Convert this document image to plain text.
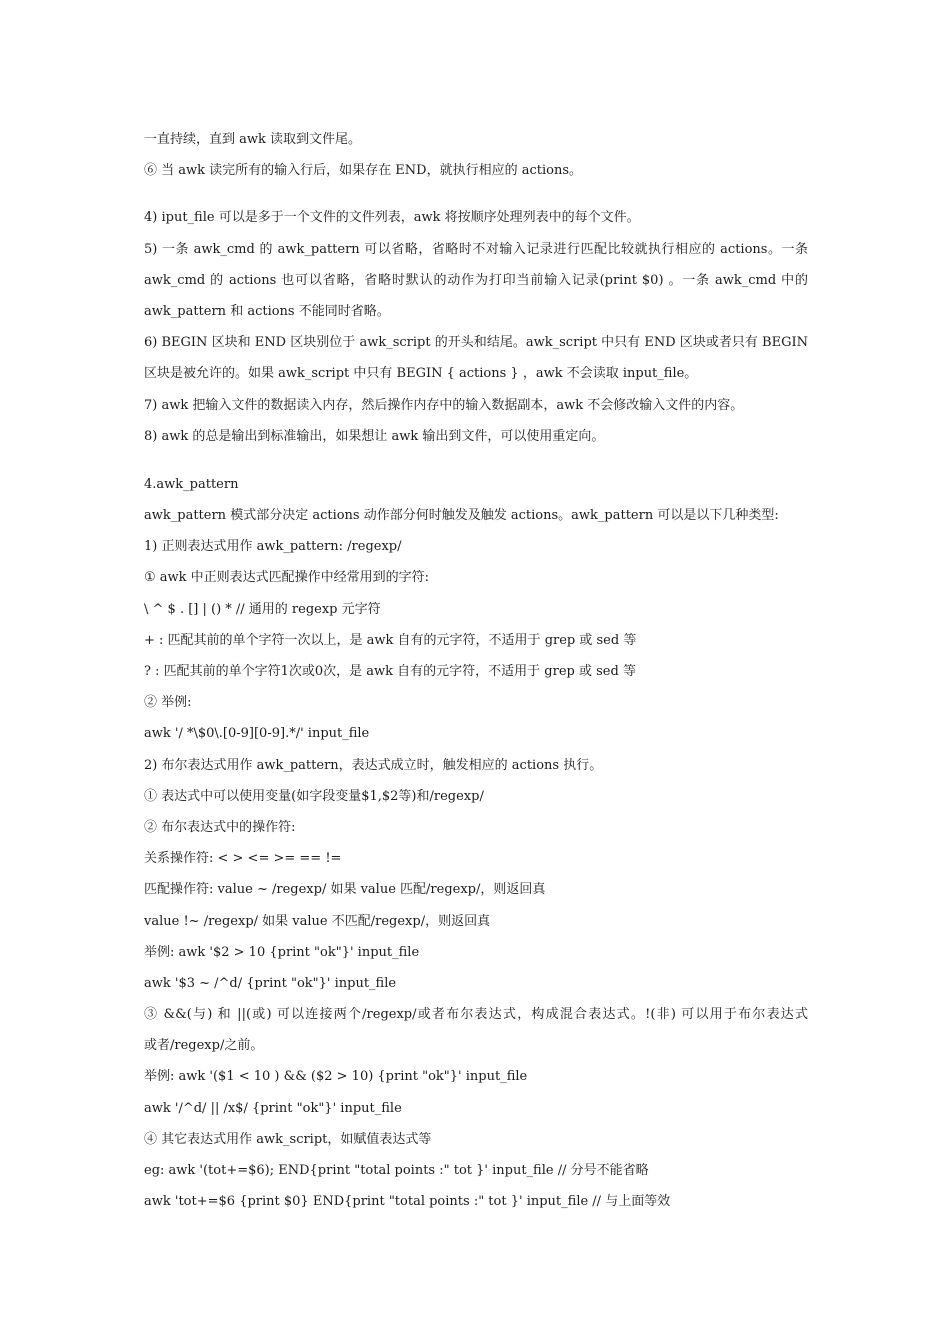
一直持续，直到 awk 读取到文件尾。
⑥ 当 awk 读完所有的输入行后，如果存在 END，就执行相应的 actions。
4) iput_file 可以是多于一个文件的文件列表，awk 将按顺序处理列表中的每个文件。
5) 一条 awk_cmd 的 awk_pattern 可以省略，省略时不对输入记录进行匹配比较就执行相应的 actions。一条
awk_cmd 的 actions 也可以省略，省略时默认的动作为打印当前输入记录(print $0) 。一条 awk_cmd 中的
awk_pattern 和 actions 不能同时省略。
6) BEGIN 区块和 END 区块别位于 awk_script 的开头和结尾。awk_script 中只有 END 区块或者只有 BEGIN
区块是被允许的。如果 awk_script 中只有 BEGIN { actions } ，awk 不会读取 input_file。
7) awk 把输入文件的数据读入内存，然后操作内存中的输入数据副本，awk 不会修改输入文件的内容。
8) awk 的总是输出到标准输出，如果想让 awk 输出到文件，可以使用重定向。
4.awk_pattern
awk_pattern 模式部分决定 actions 动作部分何时触发及触发 actions。awk_pattern 可以是以下几种类型:
1) 正则表达式用作 awk_pattern: /regexp/
① awk 中正则表达式匹配操作中经常用到的字符:
\ ^ $ . [] | () * // 通用的 regexp 元字符
+ : 匹配其前的单个字符一次以上，是 awk 自有的元字符，不适用于 grep 或 sed 等
? : 匹配其前的单个字符1次或0次，是 awk 自有的元字符，不适用于 grep 或 sed 等
② 举例:
awk '/ *\$0\.[0-9][0-9].*/' input_file
2) 布尔表达式用作 awk_pattern，表达式成立时，触发相应的 actions 执行。
① 表达式中可以使用变量(如字段变量$1,$2等)和/regexp/
② 布尔表达式中的操作符:
关系操作符: < > <= >= == !=
匹配操作符: value ~ /regexp/ 如果 value 匹配/regexp/，则返回真
value !~ /regexp/ 如果 value 不匹配/regexp/，则返回真
举例: awk '$2 > 10 {print "ok"}' input_file
awk '$3 ~ /^d/ {print "ok"}' input_file
③ &&(与) 和 ||(或) 可以连接两个/regexp/或者布尔表达式，构成混合表达式。!(非) 可以用于布尔表达式
或者/regexp/之前。
举例: awk '($1 < 10 ) && ($2 > 10) {print "ok"}' input_file
awk '/^d/ || /x$/ {print "ok"}' input_file
④ 其它表达式用作 awk_script，如赋值表达式等
eg: awk '(tot+=$6); END{print "total points :" tot }' input_file // 分号不能省略
awk 'tot+=$6 {print $0} END{print "total points :" tot }' input_file // 与上面等效
